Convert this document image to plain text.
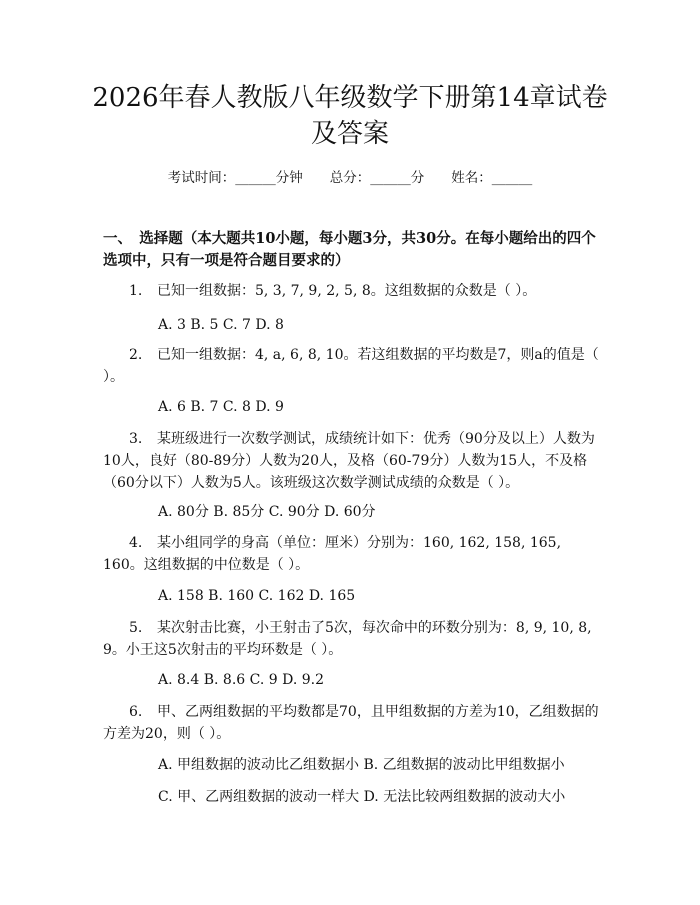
2026年春人教版八年级数学下册第14章试卷及答案
考试时间：______分钟　　总分：______分　　姓名：______

一、　选择题（本大题共10小题，每小题3分，共30分。在每小题给出的四个选项中，只有一项是符合题目要求的）

1. 已知一组数据：5, 3, 7, 9, 2, 5, 8。这组数据的众数是（ ）。

A. 3 B. 5 C. 7 D. 8

2. 已知一组数据：4, a, 6, 8, 10。若这组数据的平均数是7，则a的值是（ ）。

A. 6 B. 7 C. 8 D. 9

3. 某班级进行一次数学测试，成绩统计如下：优秀（90分及以上）人数为10人，良好（80-89分）人数为20人，及格（60-79分）人数为15人，不及格（60分以下）人数为5人。该班级这次数学测试成绩的众数是（ ）。

A. 80分 B. 85分 C. 90分 D. 60分

4. 某小组同学的身高（单位：厘米）分别为：160, 162, 158, 165, 160。这组数据的中位数是（ ）。

A. 158 B. 160 C. 162 D. 165

5. 某次射击比赛，小王射击了5次，每次命中的环数分别为：8, 9, 10, 8, 9。小王这5次射击的平均环数是（ ）。

A. 8.4 B. 8.6 C. 9 D. 9.2

6. 甲、乙两组数据的平均数都是70，且甲组数据的方差为10，乙组数据的方差为20，则（ ）。

A. 甲组数据的波动比乙组数据小 B. 乙组数据的波动比甲组数据小

C. 甲、乙两组数据的波动一样大 D. 无法比较两组数据的波动大小
